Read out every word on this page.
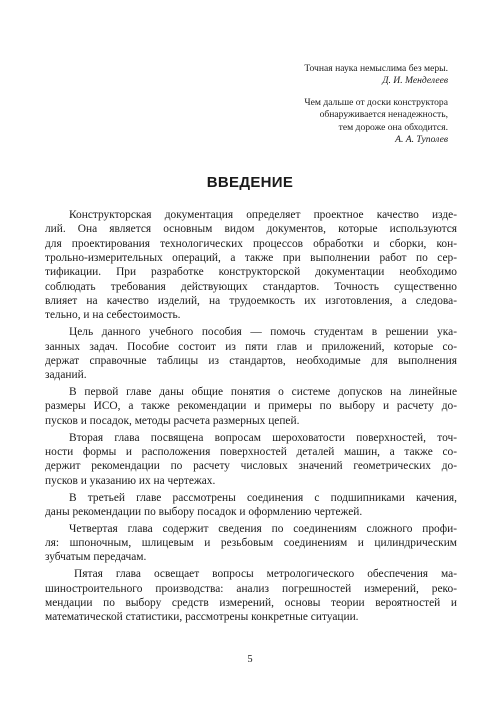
Точная наука немыслима без меры.
Д. И. Менделеев
Чем дальше от доски конструктора
обнаруживается ненадежность,
тем дороже она обходится.
А. А. Туполев
ВВЕДЕНИЕ

Конструкторская документация определяет проектное качество изде-
лий. Она является основным видом документов, которые используются
для проектирования технологических процессов обработки и сборки, кон-
трольно-измерительных операций, а также при выполнении работ по сер-
тификации. При разработке конструкторской документации необходимо
соблюдать требования действующих стандартов. Точность существенно
влияет на качество изделий, на трудоемкость их изготовления, а следова-
тельно, и на себестоимость.

Цель данного учебного пособия — помочь студентам в решении ука-
занных задач. Пособие состоит из пяти глав и приложений, которые со-
держат справочные таблицы из стандартов, необходимые для выполнения
заданий.

В первой главе даны общие понятия о системе допусков на линейные
размеры ИСО, а также рекомендации и примеры по выбору и расчету до-
пусков и посадок, методы расчета размерных цепей.

Вторая глава посвящена вопросам шероховатости поверхностей, точ-
ности формы и расположения поверхностей деталей машин, а также со-
держит рекомендации по расчету числовых значений геометрических до-
пусков и указанию их на чертежах.

В третьей главе рассмотрены соединения с подшипниками качения,
даны рекомендации по выбору посадок и оформлению чертежей.

Четвертая глава содержит сведения по соединениям сложного профи-
ля: шпоночным, шлицевым и резьбовым соединениям и цилиндрическим
зубчатым передачам.

Пятая глава освещает вопросы метрологического обеспечения ма-
шиностроительного производства: анализ погрешностей измерений, реко-
мендации по выбору средств измерений, основы теории вероятностей и
математической статистики, рассмотрены конкретные ситуации.

5
